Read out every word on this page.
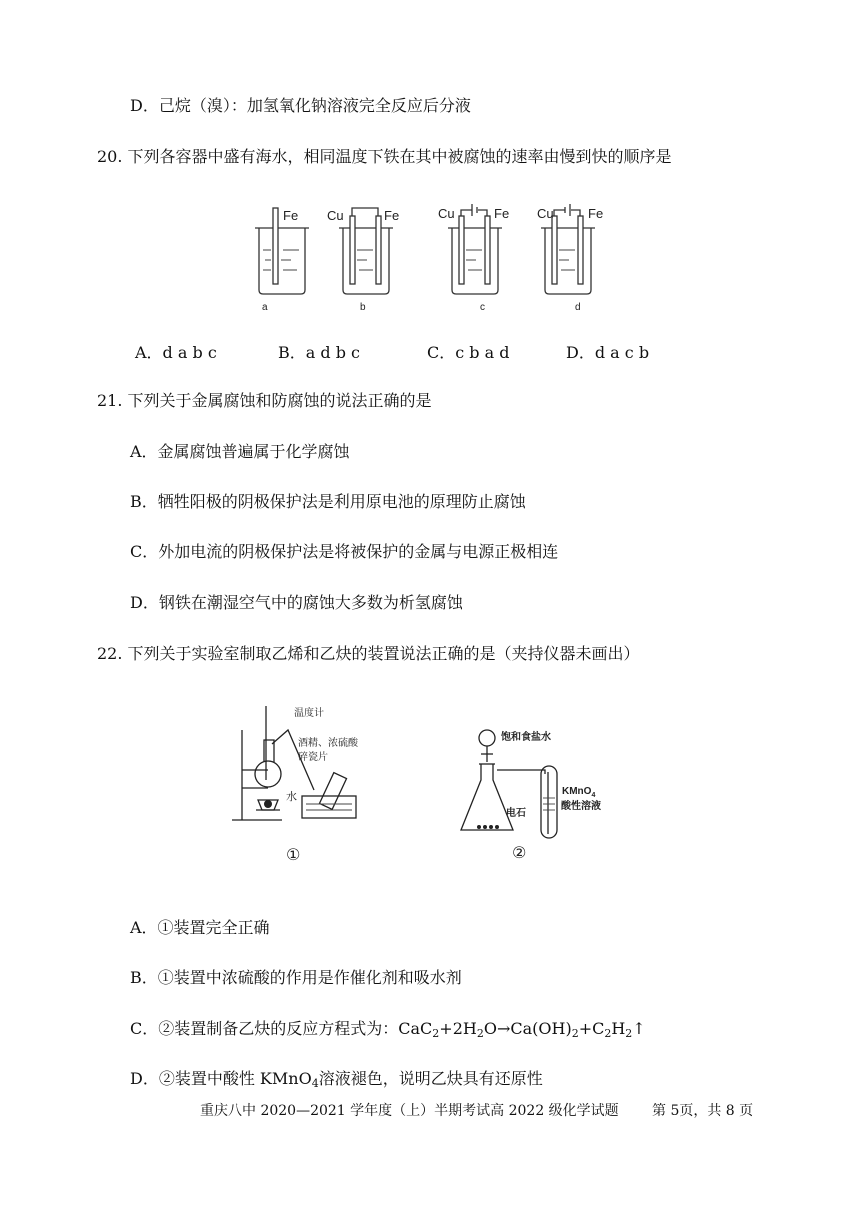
D．己烷（溴）：加氢氧化钠溶液完全反应后分液
20. 下列各容器中盛有海水，相同温度下铁在其中被腐蚀的速率由慢到快的顺序是
Fe Cu	Fe	Cu	Fe Cu	Fe
a	b	c	d
A．d a b c	B．a d b c	C．c b a d	D．d a c b
21. 下列关于金属腐蚀和防腐蚀的说法正确的是
A．金属腐蚀普遍属于化学腐蚀
B．牺牲阳极的阴极保护法是利用原电池的原理防止腐蚀
C．外加电流的阴极保护法是将被保护的金属与电源正极相连
D．钢铁在潮湿空气中的腐蚀大多数为析氢腐蚀
22. 下列关于实验室制取乙烯和乙炔的装置说法正确的是（夹持仪器未画出）
温度计
酒精、浓硫酸
碎瓷片
水
①
饱和食盐水
电石
KMnO$_4$
酸性溶液
②
A．①装置完全正确
B．①装置中浓硫酸的作用是作催化剂和吸水剂
C．②装置制备乙炔的反应方程式为：$CaC_2+2H_2O\to Ca(OH)_2+C_2H_2↑$
D．②装置中酸性 KMnO$_4$溶液褪色，说明乙炔具有还原性
重庆八中 2020—2021 学年度（上）半期考试高 2022 级化学试题 第 5页，共 8 页
